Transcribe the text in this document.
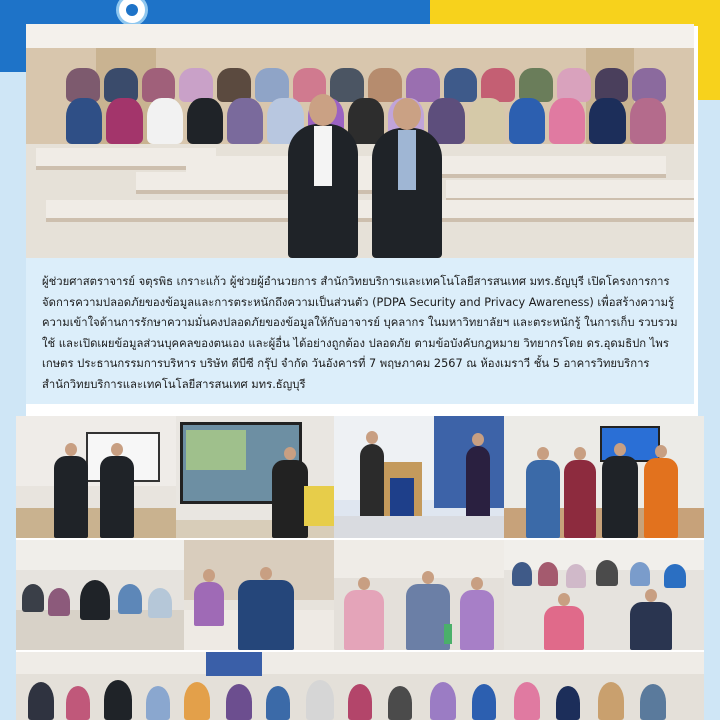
ผู้ช่วยศาสตราจารย์ จตุรพิธ เกราะแก้ว ผู้ช่วยผู้อำนวยการ สำนักวิทยบริการและเทคโนโลยีสารสนเทศ มทร.ธัญบุรี เปิดโครงการการจัดการความปลอดภัยของข้อมูลและการตระหนักถึงความเป็นส่วนตัว (PDPA Security and Privacy Awareness) เพื่อสร้างความรู้ความเข้าใจด้านการรักษาความมั่นคงปลอดภัยของข้อมูลให้กับอาจารย์ บุคลากร ในมหาวิทยาลัยฯ และตระหนักรู้ ในการเก็บ รวบรวม ใช้ และเปิดเผยข้อมูลส่วนบุคคลของตนเอง และผู้อื่น ได้อย่างถูกต้อง ปลอดภัย ตามข้อบังคับกฎหมาย วิทยากรโดย ดร.อุดมธิปก ไพรเกษตร ประธานกรรมการบริหาร บริษัท ดีบีซี กรุ๊ป จำกัด วันอังคารที่ 7 พฤษภาคม 2567 ณ ห้องเมราวี ชั้น 5 อาคารวิทยบริการ สำนักวิทยบริการและเทคโนโลยีสารสนเทศ มทร.ธัญบุรี
